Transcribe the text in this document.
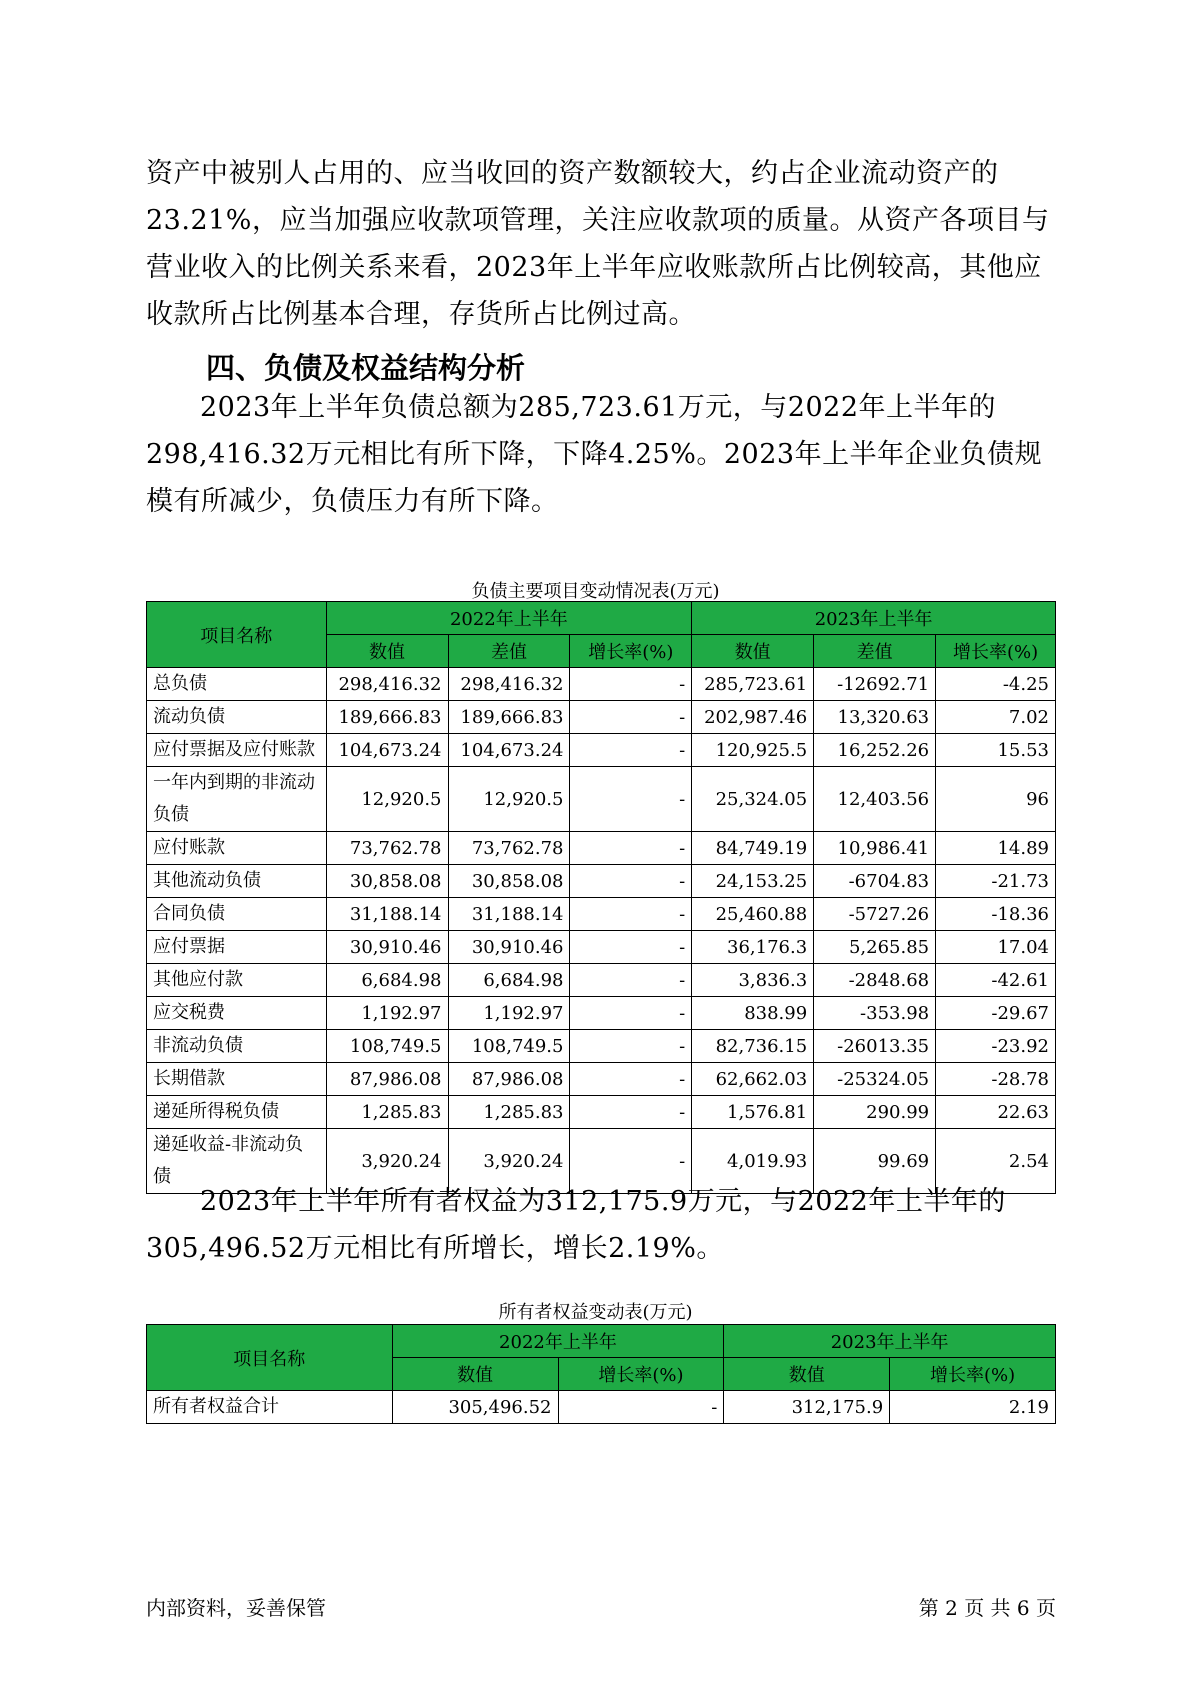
资产中被别人占用的、应当收回的资产数额较大，约占企业流动资产的23.21%，应当加强应收款项管理，关注应收款项的质量。从资产各项目与营业收入的比例关系来看，2023年上半年应收账款所占比例较高，其他应收款所占比例基本合理，存货所占比例过高。

四、负债及权益结构分析

2023年上半年负债总额为285,723.61万元，与2022年上半年的298,416.32万元相比有所下降，下降4.25%。2023年上半年企业负债规模有所减少，负债压力有所下降。

负债主要项目变动情况表(万元)
项目名称	2022年上半年			2023年上半年		
	数值	差值	增长率(%)	数值	差值	增长率(%)
总负债	298,416.32	298,416.32	-	285,723.61	-12692.71	-4.25
流动负债	189,666.83	189,666.83	-	202,987.46	13,320.63	7.02
应付票据及应付账款	104,673.24	104,673.24	-	120,925.5	16,252.26	15.53
一年内到期的非流动负债	12,920.5	12,920.5	-	25,324.05	12,403.56	96
应付账款	73,762.78	73,762.78	-	84,749.19	10,986.41	14.89
其他流动负债	30,858.08	30,858.08	-	24,153.25	-6704.83	-21.73
合同负债	31,188.14	31,188.14	-	25,460.88	-5727.26	-18.36
应付票据	30,910.46	30,910.46	-	36,176.3	5,265.85	17.04
其他应付款	6,684.98	6,684.98	-	3,836.3	-2848.68	-42.61
应交税费	1,192.97	1,192.97	-	838.99	-353.98	-29.67
非流动负债	108,749.5	108,749.5	-	82,736.15	-26013.35	-23.92
长期借款	87,986.08	87,986.08	-	62,662.03	-25324.05	-28.78
递延所得税负债	1,285.83	1,285.83	-	1,576.81	290.99	22.63
递延收益-非流动负债	3,920.24	3,920.24	-	4,019.93	99.69	2.54

2023年上半年所有者权益为312,175.9万元，与2022年上半年的305,496.52万元相比有所增长，增长2.19%。

所有者权益变动表(万元)
项目名称	2022年上半年		2023年上半年	
	数值	增长率(%)	数值	增长率(%)
所有者权益合计	305,496.52	-	312,175.9	2.19
内部资料，妥善保管	第 2 页 共 6 页
